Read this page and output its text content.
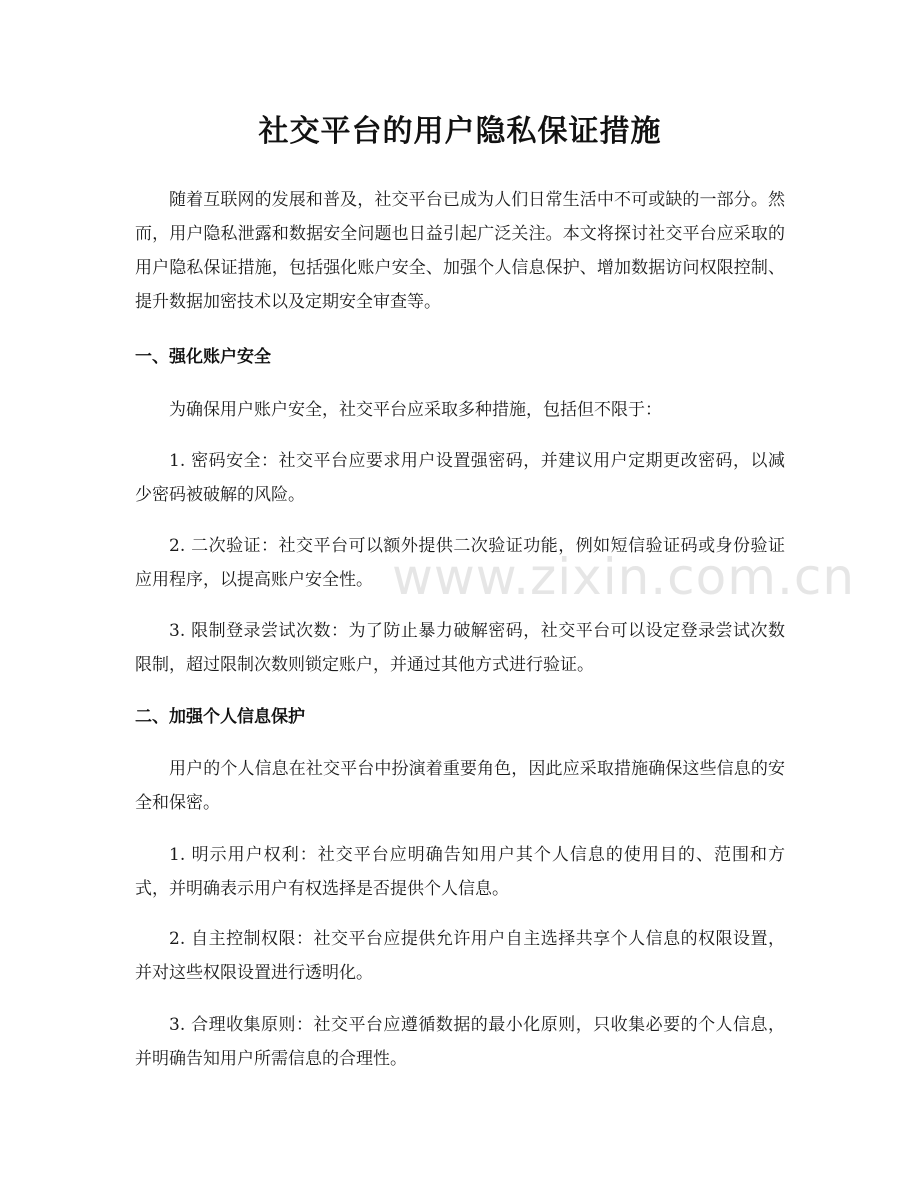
社交平台的用户隐私保证措施

随着互联网的发展和普及，社交平台已成为人们日常生活中不可或缺的一部分。然而，用户隐私泄露和数据安全问题也日益引起广泛关注。本文将探讨社交平台应采取的用户隐私保证措施，包括强化账户安全、加强个人信息保护、增加数据访问权限控制、提升数据加密技术以及定期安全审查等。

一、强化账户安全

为确保用户账户安全，社交平台应采取多种措施，包括但不限于：

1. 密码安全：社交平台应要求用户设置强密码，并建议用户定期更改密码，以减少密码被破解的风险。

2. 二次验证：社交平台可以额外提供二次验证功能，例如短信验证码或身份验证应用程序，以提高账户安全性。

3. 限制登录尝试次数：为了防止暴力破解密码，社交平台可以设定登录尝试次数限制，超过限制次数则锁定账户，并通过其他方式进行验证。

二、加强个人信息保护

用户的个人信息在社交平台中扮演着重要角色，因此应采取措施确保这些信息的安全和保密。

1. 明示用户权利：社交平台应明确告知用户其个人信息的使用目的、范围和方式，并明确表示用户有权选择是否提供个人信息。

2. 自主控制权限：社交平台应提供允许用户自主选择共享个人信息的权限设置，并对这些权限设置进行透明化。

3. 合理收集原则：社交平台应遵循数据的最小化原则，只收集必要的个人信息，并明确告知用户所需信息的合理性。

www.zixin.com.cn
